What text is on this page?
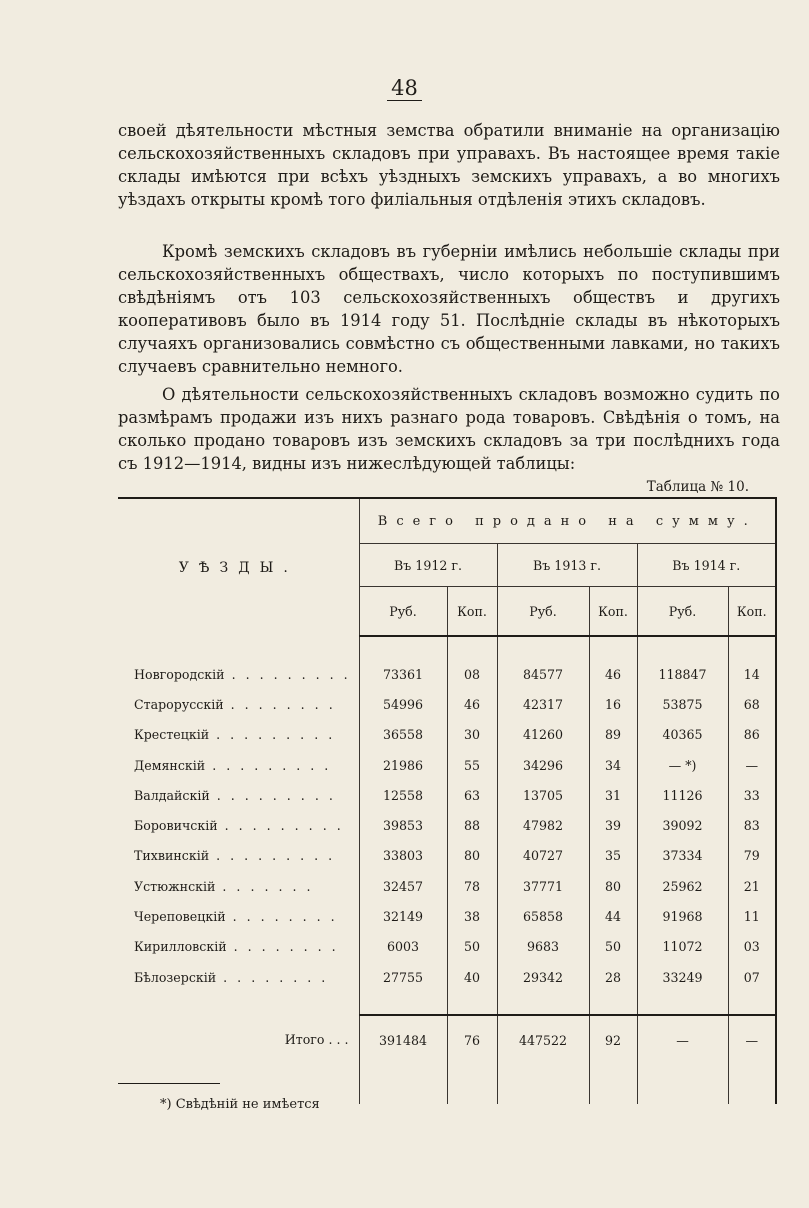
48

своей дѣятельности мѣстныя земства обратили вниманіе на организацію сельскохозяйственныхъ складовъ при управахъ. Въ настоящее время такіе склады имѣются при всѣхъ уѣздныхъ земскихъ управахъ, а во многихъ уѣздахъ открыты кромѣ того филіальныя отдѣленія этихъ складовъ.

Кромѣ земскихъ складовъ въ губерніи имѣлись небольшіе склады при сельскохозяйственныхъ обществахъ, число которыхъ по поступившимъ свѣдѣніямъ отъ 103 сельскохозяйственныхъ обществъ и другихъ кооперативовъ было въ 1914 году 51. Послѣдніе склады въ нѣкоторыхъ случаяхъ организовались совмѣстно съ общественными лавками, но такихъ случаевъ сравнительно немного.

О дѣятельности сельскохозяйственныхъ складовъ возможно судить по размѣрамъ продажи изъ нихъ разнаго рода товаровъ. Свѣдѣнія о томъ, на сколько продано товаровъ изъ земскихъ складовъ за три послѣднихъ года съ 1912—1914, видны изъ нижеслѣдующей таблицы:

Таблица № 10.
УѢЗДЫ.	Всего продано на сумму.					
	Въ 1912 г.		Въ 1913 г.		Въ 1914 г.	
	Руб.	Коп.	Руб.	Коп.	Руб.	Коп.

Новгородскій . . . . . . . . .	73361	08	84577	46	118847	14
Старорусскій . . . . . . . .	54996	46	42317	16	53875	68
Крестецкій . . . . . . . . .	36558	30	41260	89	40365	86
Демянскій . . . . . . . . .	21986	55	34296	34	— *)	—
Валдайскій . . . . . . . . .	12558	63	13705	31	11126	33
Боровичскій . . . . . . . . .	39853	88	47982	39	39092	83
Тихвинскій . . . . . . . . .	33803	80	40727	35	37334	79
Устюжнскій . . . . . . .	32457	78	37771	80	25962	21
Череповецкій . . . . . . . .	32149	38	65858	44	91968	11
Кирилловскій . . . . . . . .	6003	50	9683	50	11072	03
Бѣлозерскій . . . . . . . .	27755	40	29342	28	33249	07

Итого . . .	391484	76	447522	92	—	—

*) Свѣдѣній не имѣется
